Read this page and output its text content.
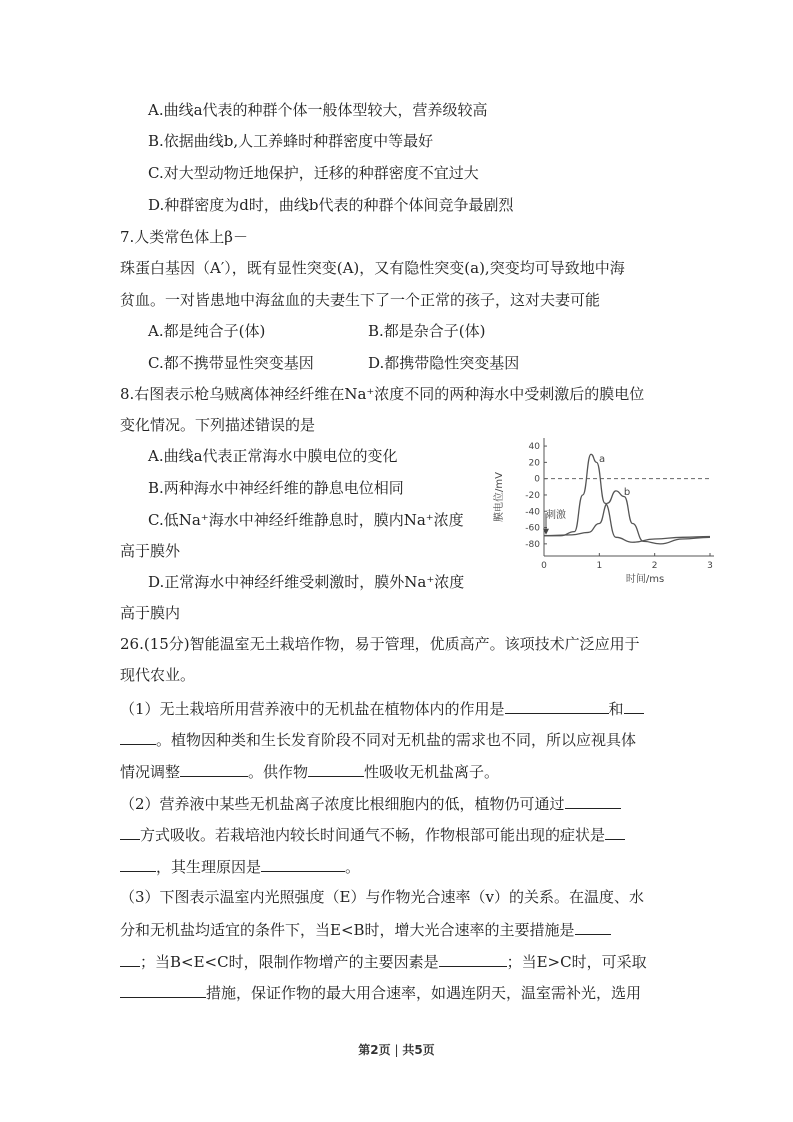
A.曲线a代表的种群个体一般体型较大，营养级较高
B.依据曲线b,人工养蜂时种群密度中等最好
C.对大型动物迁地保护，迁移的种群密度不宜过大
D.种群密度为d时，曲线b代表的种群个体间竞争最剧烈
7.人类常色体上β－
珠蛋白基因（A′），既有显性突变(A)，又有隐性突变(a),突变均可导致地中海
贫血。一对皆患地中海盆血的夫妻生下了一个正常的孩子，这对夫妻可能
A.都是纯合子(体)	B.都是杂合子(体)
C.都不携带显性突变基因	D.都携带隐性突变基因
8.右图表示枪乌贼离体神经纤维在Na⁺浓度不同的两种海水中受刺激后的膜电位
变化情况。下列描述错误的是
A.曲线a代表正常海水中膜电位的变化
B.两种海水中神经纤维的静息电位相同
C.低Na⁺海水中神经纤维静息时，膜内Na⁺浓度
高于膜外
D.正常海水中神经纤维受刺激时，膜外Na⁺浓度
高于膜内
40
20
0
-20
-40
-60
-80
0	1	2	3
膜电位/mV
时间/ms
刺激
a
b
26.(15分)智能温室无土栽培作物，易于管理，优质高产。该项技术广泛应用于
现代农业。
（1）无土栽培所用营养液中的无机盐在植物体内的作用是	和
。植物因种类和生长发育阶段不同对无机盐的需求也不同，所以应视具体
情况调整	。供作物	性吸收无机盐离子。
（2）营养液中某些无机盐离子浓度比根细胞内的低，植物仍可通过
方式吸收。若栽培池内较长时间通气不畅，作物根部可能出现的症状是
，其生理原因是	。
（3）下图表示温室内光照强度（E）与作物光合速率（v）的关系。在温度、水
分和无机盐均适宜的条件下，当E<B时，增大光合速率的主要措施是
；当B<E<C时，限制作物增产的主要因素是	；当E>C时，可采取
措施，保证作物的最大用合速率，如遇连阴天，温室需补光，选用
第2页 | 共5页
